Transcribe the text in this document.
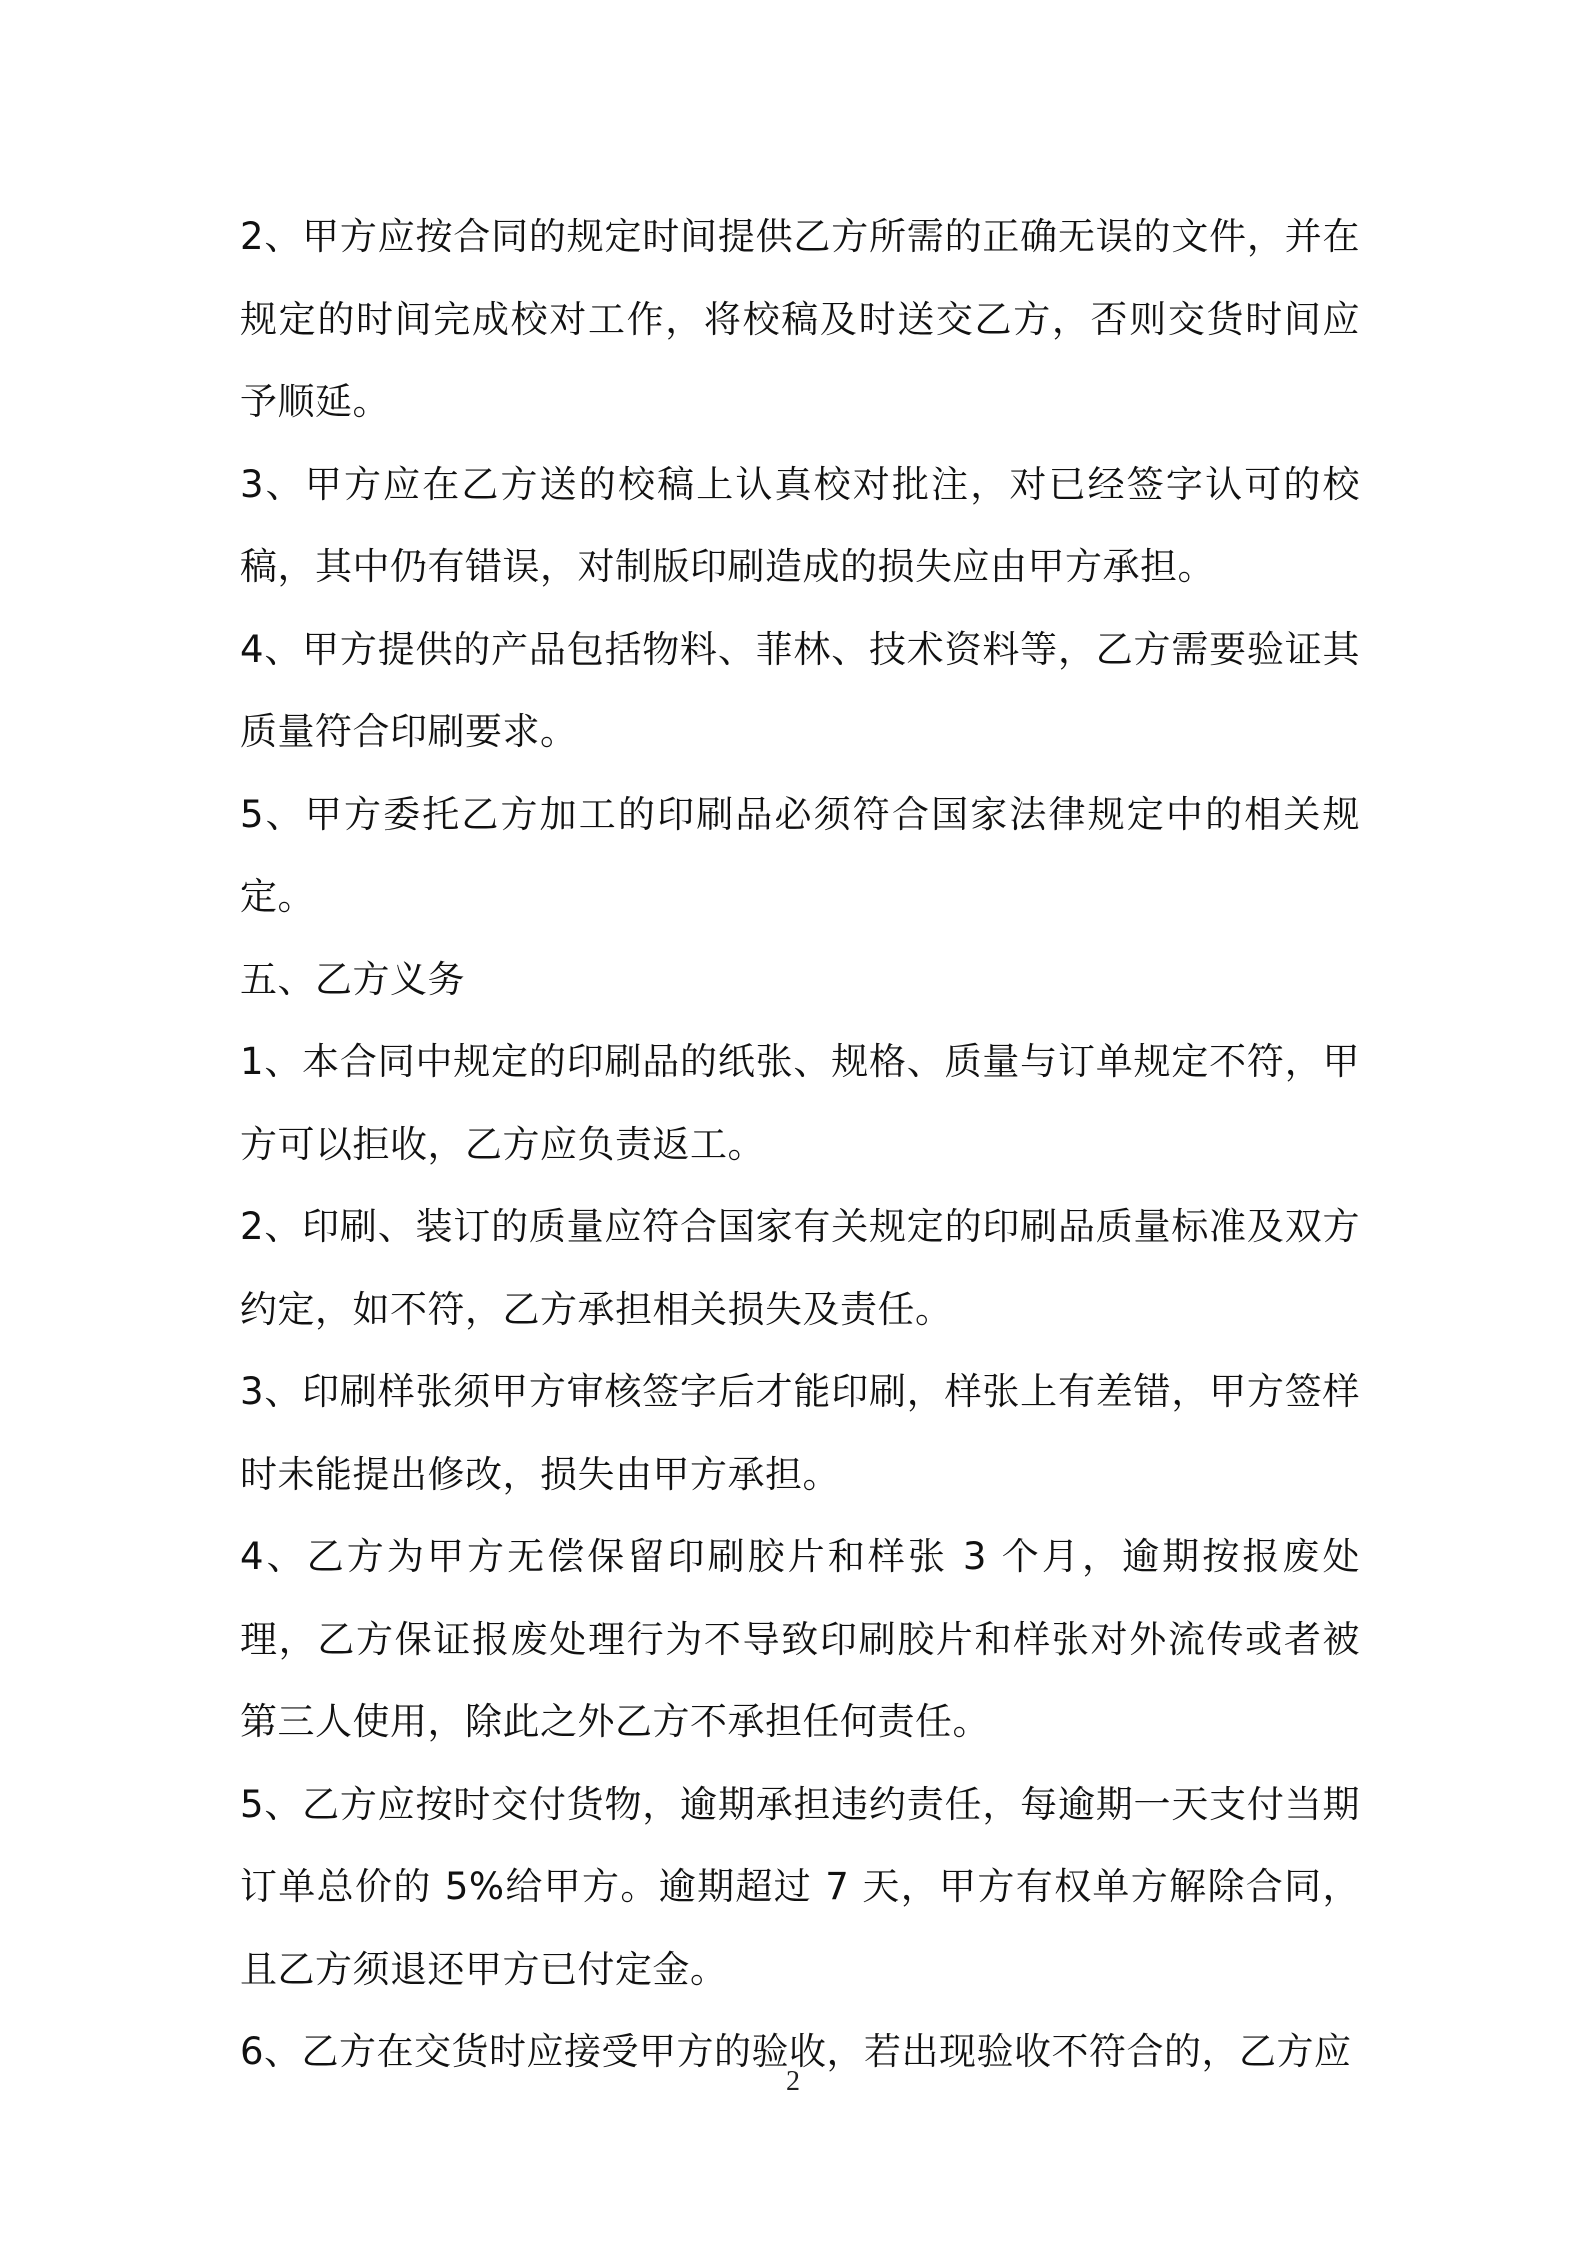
2、甲方应按合同的规定时间提供乙方所需的正确无误的文件，并在规定的时间完成校对工作，将校稿及时送交乙方，否则交货时间应予顺延。

3、甲方应在乙方送的校稿上认真校对批注，对已经签字认可的校稿，其中仍有错误，对制版印刷造成的损失应由甲方承担。

4、甲方提供的产品包括物料、菲林、技术资料等，乙方需要验证其质量符合印刷要求。

5、甲方委托乙方加工的印刷品必须符合国家法律规定中的相关规定。

五、乙方义务

1、本合同中规定的印刷品的纸张、规格、质量与订单规定不符，甲方可以拒收，乙方应负责返工。

2、印刷、装订的质量应符合国家有关规定的印刷品质量标准及双方约定，如不符，乙方承担相关损失及责任。

3、印刷样张须甲方审核签字后才能印刷，样张上有差错，甲方签样时未能提出修改，损失由甲方承担。

4、乙方为甲方无偿保留印刷胶片和样张 3 个月，逾期按报废处理，乙方保证报废处理行为不导致印刷胶片和样张对外流传或者被第三人使用，除此之外乙方不承担任何责任。

5、乙方应按时交付货物，逾期承担违约责任，每逾期一天支付当期订单总价的 5%给甲方。逾期超过 7 天，甲方有权单方解除合同，且乙方须退还甲方已付定金。

6、乙方在交货时应接受甲方的验收，若出现验收不符合的，乙方应

2
